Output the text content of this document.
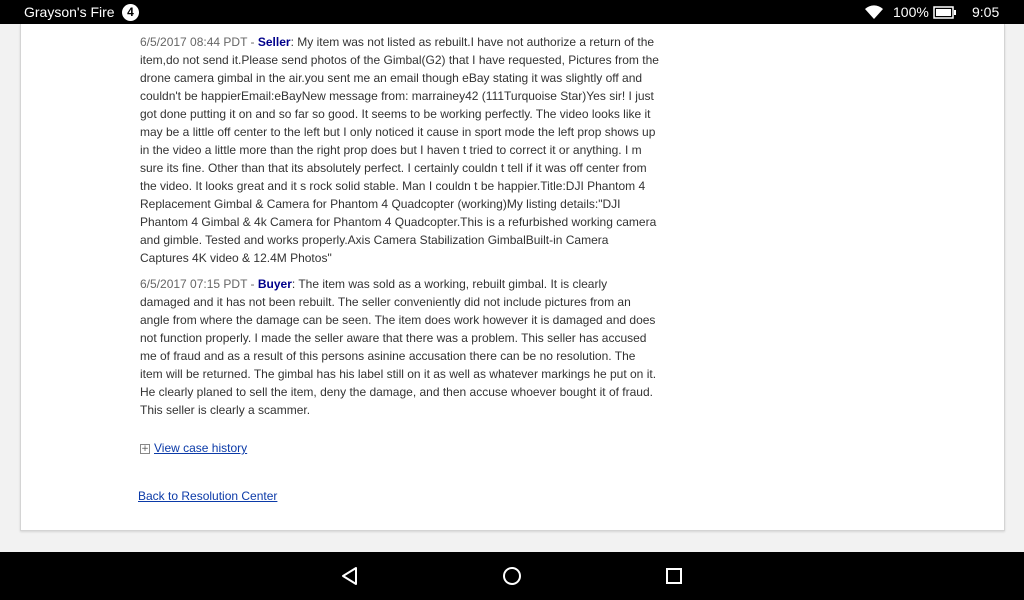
Grayson's Fire	4	100%	9:05

6/5/2017 08:44 PDT - Seller: My item was not listed as rebuilt.I have not authorize a return of the item,do not send it.Please send photos of the Gimbal(G2) that I have requested, Pictures from the drone camera gimbal in the air.you sent me an email though eBay stating it was slightly off and couldn't be happierEmail:eBayNew message from: marrainey42 (111Turquoise Star)Yes sir! I just got done putting it on and so far so good. It seems to be working perfectly. The video looks like it may be a little off center to the left but I only noticed it cause in sport mode the left prop shows up in the video a little more than the right prop does but I haven t tried to correct it or anything. I m sure its fine. Other than that its absolutely perfect. I certainly couldn t tell if it was off center from the video. It looks great and it s rock solid stable. Man I couldn t be happier.Title:DJI Phantom 4 Replacement Gimbal & Camera for Phantom 4 Quadcopter (working)My listing details:"DJI Phantom 4 Gimbal & 4k Camera for Phantom 4 Quadcopter.This is a refurbished working camera and gimble. Tested and works properly.Axis Camera Stabilization GimbalBuilt-in Camera Captures 4K video & 12.4M Photos"

6/5/2017 07:15 PDT - Buyer: The item was sold as a working, rebuilt gimbal. It is clearly damaged and it has not been rebuilt. The seller conveniently did not include pictures from an angle from where the damage can be seen. The item does work however it is damaged and does not function properly. I made the seller aware that there was a problem. This seller has accused me of fraud and as a result of this persons asinine accusation there can be no resolution. The item will be returned. The gimbal has his label still on it as well as whatever markings he put on it. He clearly planed to sell the item, deny the damage, and then accuse whoever bought it of fraud. This seller is clearly a scammer.

+ View case history
Back to Resolution Center
